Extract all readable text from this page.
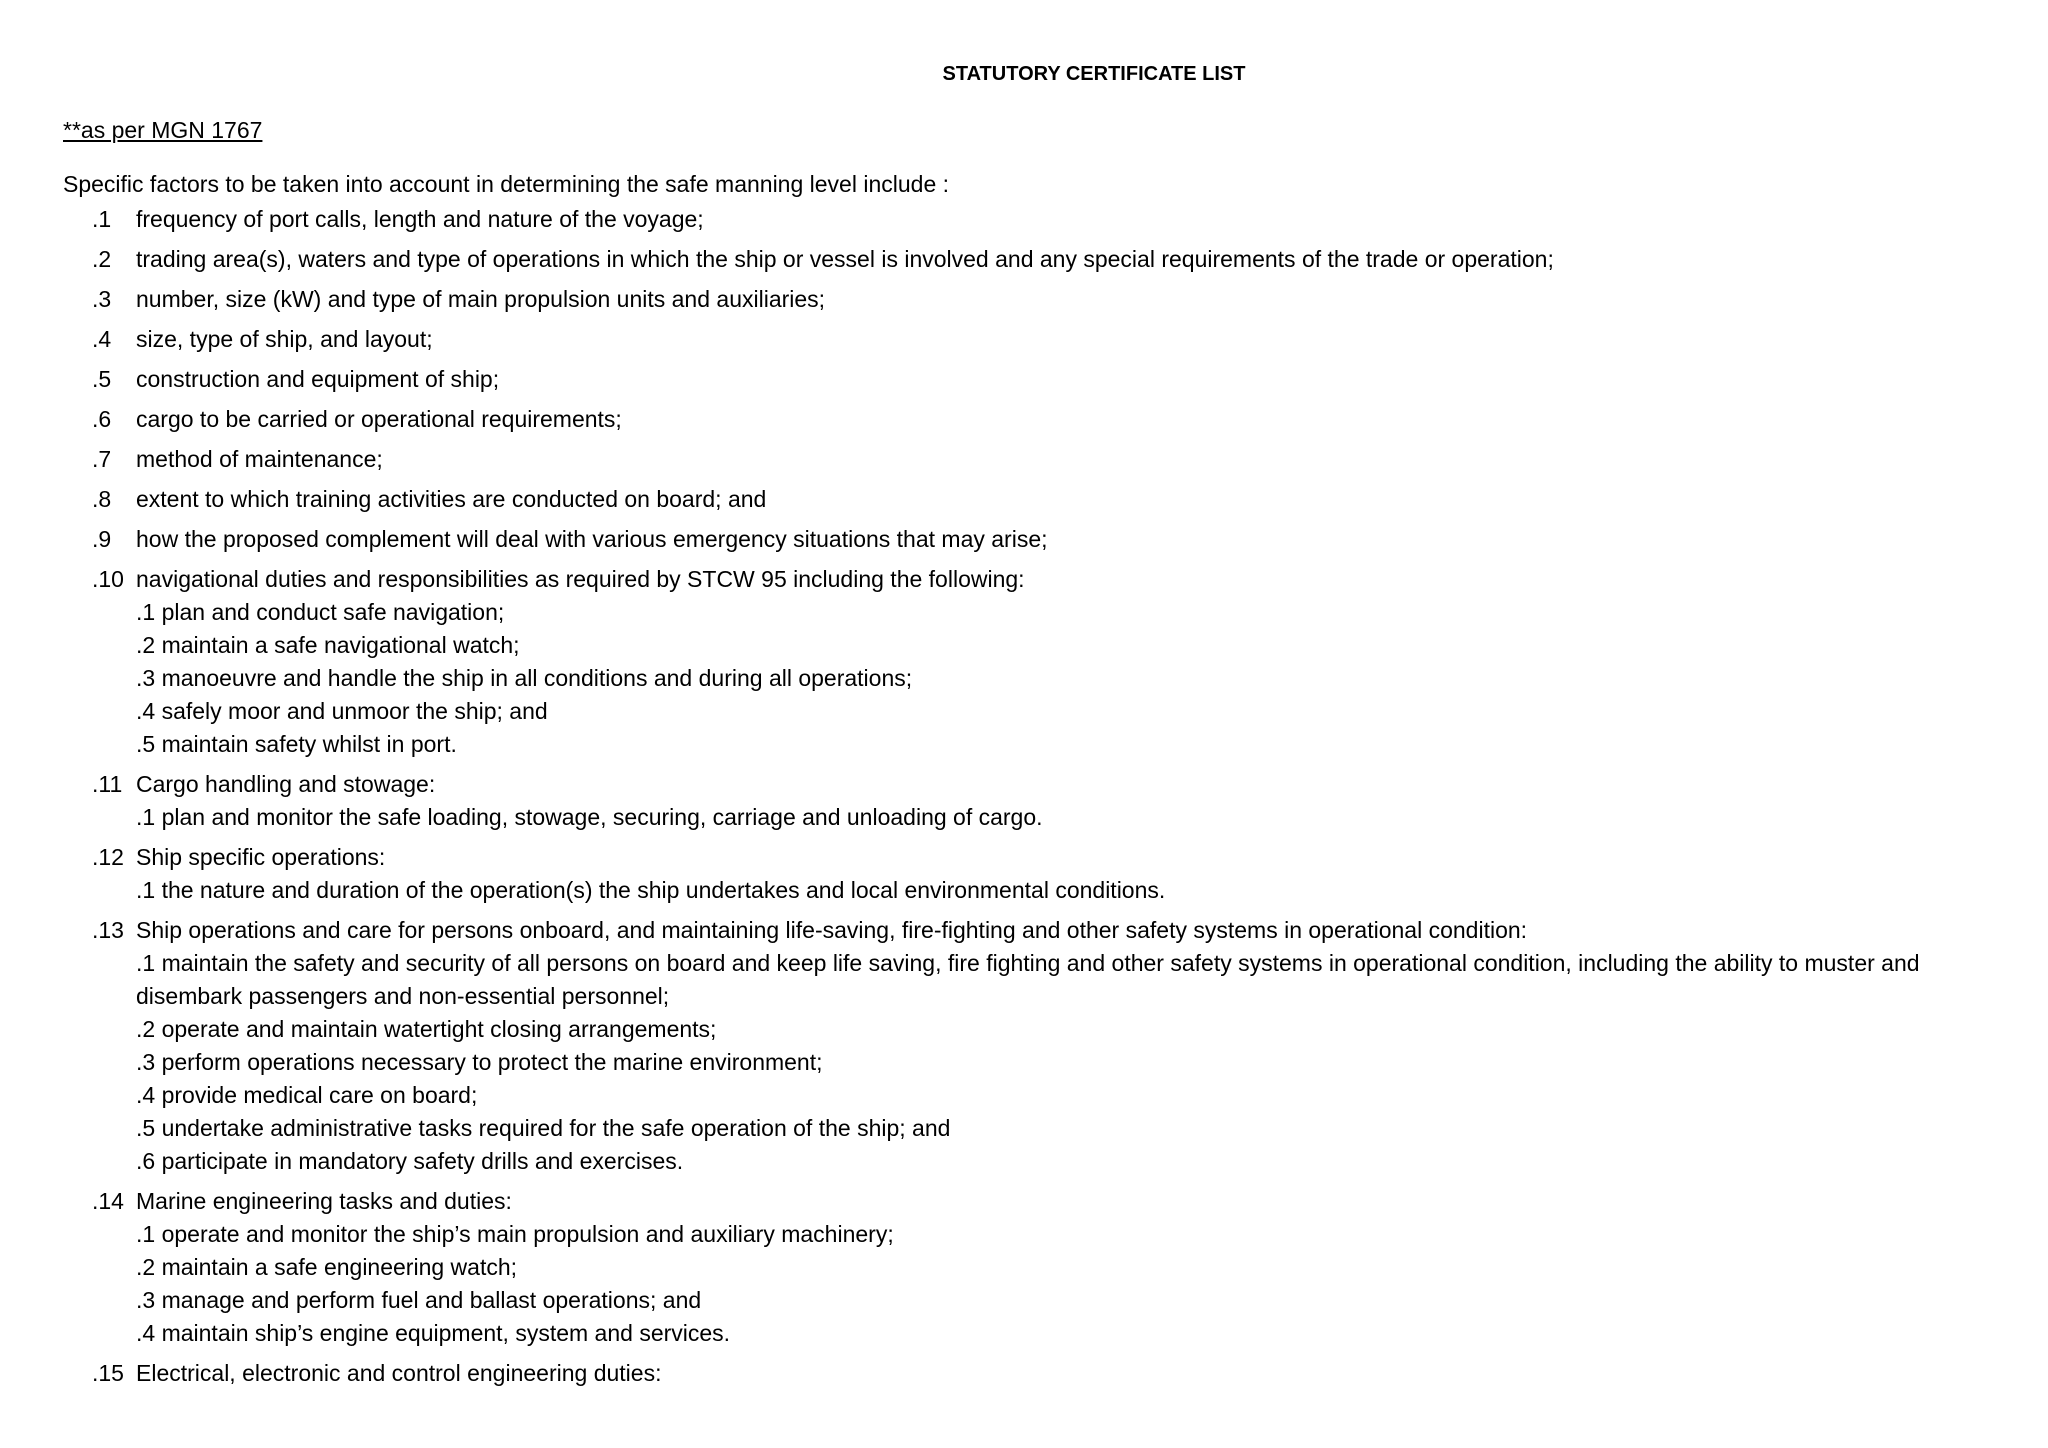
STATUTORY CERTIFICATE LIST
**as per MGN 1767
Specific factors to be taken into account in determining the safe manning level include :
.1 frequency of port calls, length and nature of the voyage;
.2 trading area(s), waters and type of operations in which the ship or vessel is involved and any special requirements of the trade or operation;
.3 number, size (kW) and type of main propulsion units and auxiliaries;
.4 size, type of ship, and layout;
.5 construction and equipment of ship;
.6 cargo to be carried or operational requirements;
.7 method of maintenance;
.8 extent to which training activities are conducted on board; and
.9 how the proposed complement will deal with various emergency situations that may arise;
.10 navigational duties and responsibilities as required by STCW 95 including the following:
.1 plan and conduct safe navigation;
.2 maintain a safe navigational watch;
.3 manoeuvre and handle the ship in all conditions and during all operations;
.4 safely moor and unmoor the ship; and
.5 maintain safety whilst in port.
.11 Cargo handling and stowage:
.1 plan and monitor the safe loading, stowage, securing, carriage and unloading of cargo.
.12 Ship specific operations:
.1 the nature and duration of the operation(s) the ship undertakes and local environmental conditions.
.13 Ship operations and care for persons onboard, and maintaining life-saving, fire-fighting and other safety systems in operational condition:
.1 maintain the safety and security of all persons on board and keep life saving, fire fighting and other safety systems in operational condition, including the ability to muster and disembark passengers and non-essential personnel;
.2 operate and maintain watertight closing arrangements;
.3 perform operations necessary to protect the marine environment;
.4 provide medical care on board;
.5 undertake administrative tasks required for the safe operation of the ship; and
.6 participate in mandatory safety drills and exercises.
.14 Marine engineering tasks and duties:
.1 operate and monitor the ship’s main propulsion and auxiliary machinery;
.2 maintain a safe engineering watch;
.3 manage and perform fuel and ballast operations; and
.4 maintain ship’s engine equipment, system and services.
.15 Electrical, electronic and control engineering duties:
